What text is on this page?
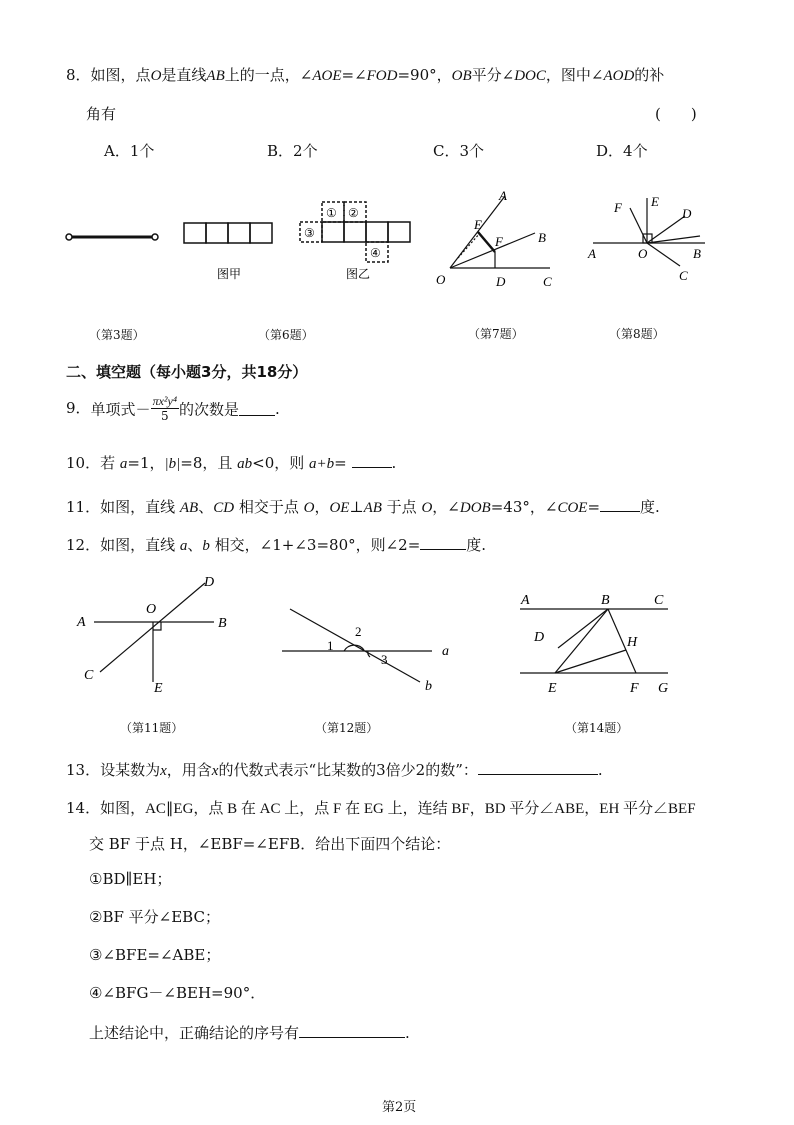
8．如图，点O是直线AB上的一点，∠AOE=∠FOD=90°，OB平分∠DOC，图中∠AOD的补
角有	(　　)
A．1个	B．2个	C．3个	D．4个
图甲
① ②
③
④
图乙
A
E
F	B
O	D	C
F E
D
A	O	B
C
（第3题）	（第6题）	（第7题）	（第8题）
二、填空题（每小题3分，共18分）
9．单项式－ $\frac{\text{πx²y⁴}}{5}$ 的次数是 .
10．若 a=1，|b|=8，且 ab<0，则 a+b=	.
11．如图，直线 AB、CD 相交于点 O，OE⊥AB 于点 O，∠DOB=43°，∠COE=	度.
12．如图，直线 a、b 相交，∠1+∠3=80°，则∠2=	度.
D
O
A	B
C
E
1
2
3
a
b
A	B	C
D	H
E	F G
（第11题）	（第12题）	（第14题）
13．设某数为x，用含x的代数式表示“比某数的3倍少2的数”：	.
14．如图，AC∥EG，点 B 在 AC 上，点 F 在 EG 上，连结 BF，BD 平分∠ABE，EH 平分∠BEF
交 BF 于点 H，∠EBF=∠EFB．给出下面四个结论：
①BD∥EH；
②BF 平分∠EBC；
③∠BFE=∠ABE；
④∠BFG－∠BEH=90°．
上述结论中，正确结论的序号有	.
第2页
